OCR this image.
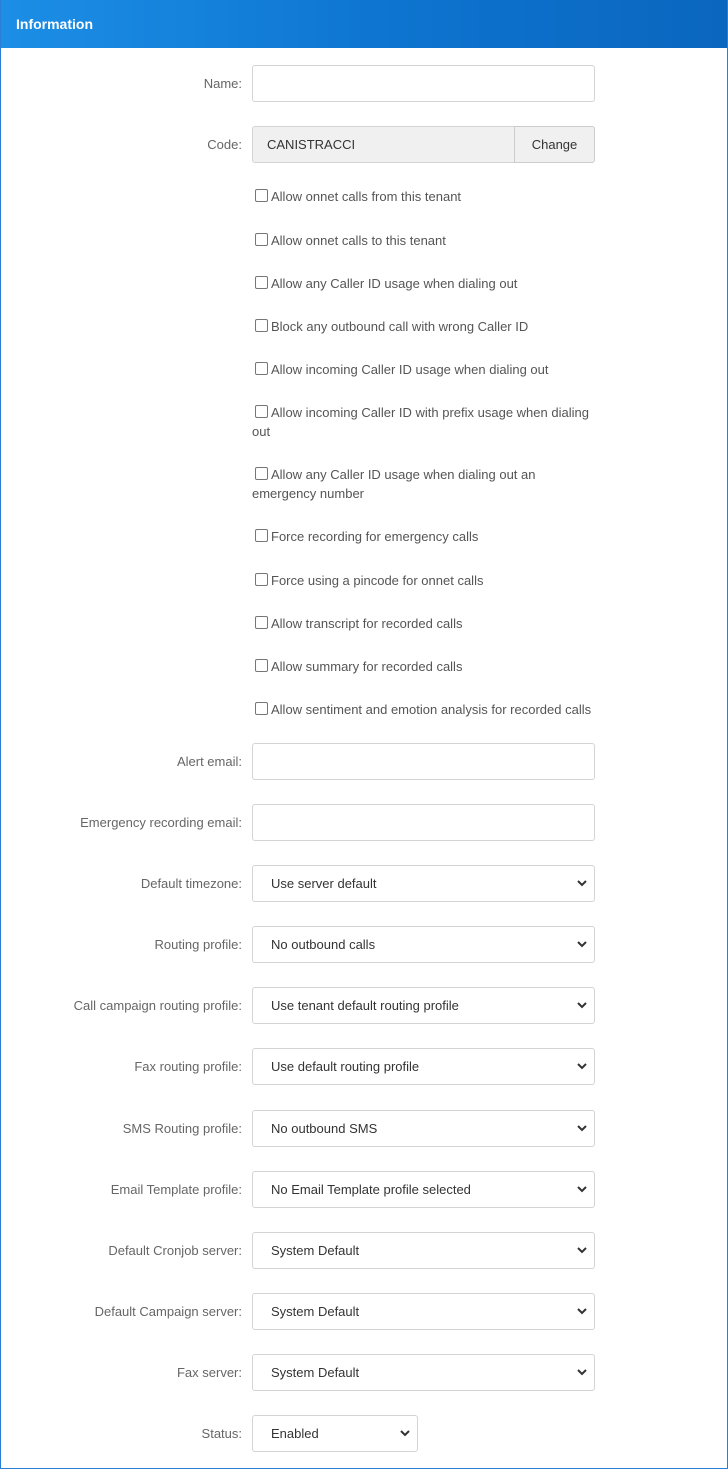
Information
Name:
Code:	CANISTRACCI	Change
Allow onnet calls from this tenant
Allow onnet calls to this tenant
Allow any Caller ID usage when dialing out
Block any outbound call with wrong Caller ID
Allow incoming Caller ID usage when dialing out
Allow incoming Caller ID with prefix usage when dialing out
Allow any Caller ID usage when dialing out an emergency number
Force recording for emergency calls
Force using a pincode for onnet calls
Allow transcript for recorded calls
Allow summary for recorded calls
Allow sentiment and emotion analysis for recorded calls
Alert email:
Emergency recording email:
Default timezone:	Use server default
Routing profile:	No outbound calls
Call campaign routing profile:	Use tenant default routing profile
Fax routing profile:	Use default routing profile
SMS Routing profile:	No outbound SMS
Email Template profile:	No Email Template profile selected
Default Cronjob server:	System Default
Default Campaign server:	System Default
Fax server:	System Default
Status:	Enabled
